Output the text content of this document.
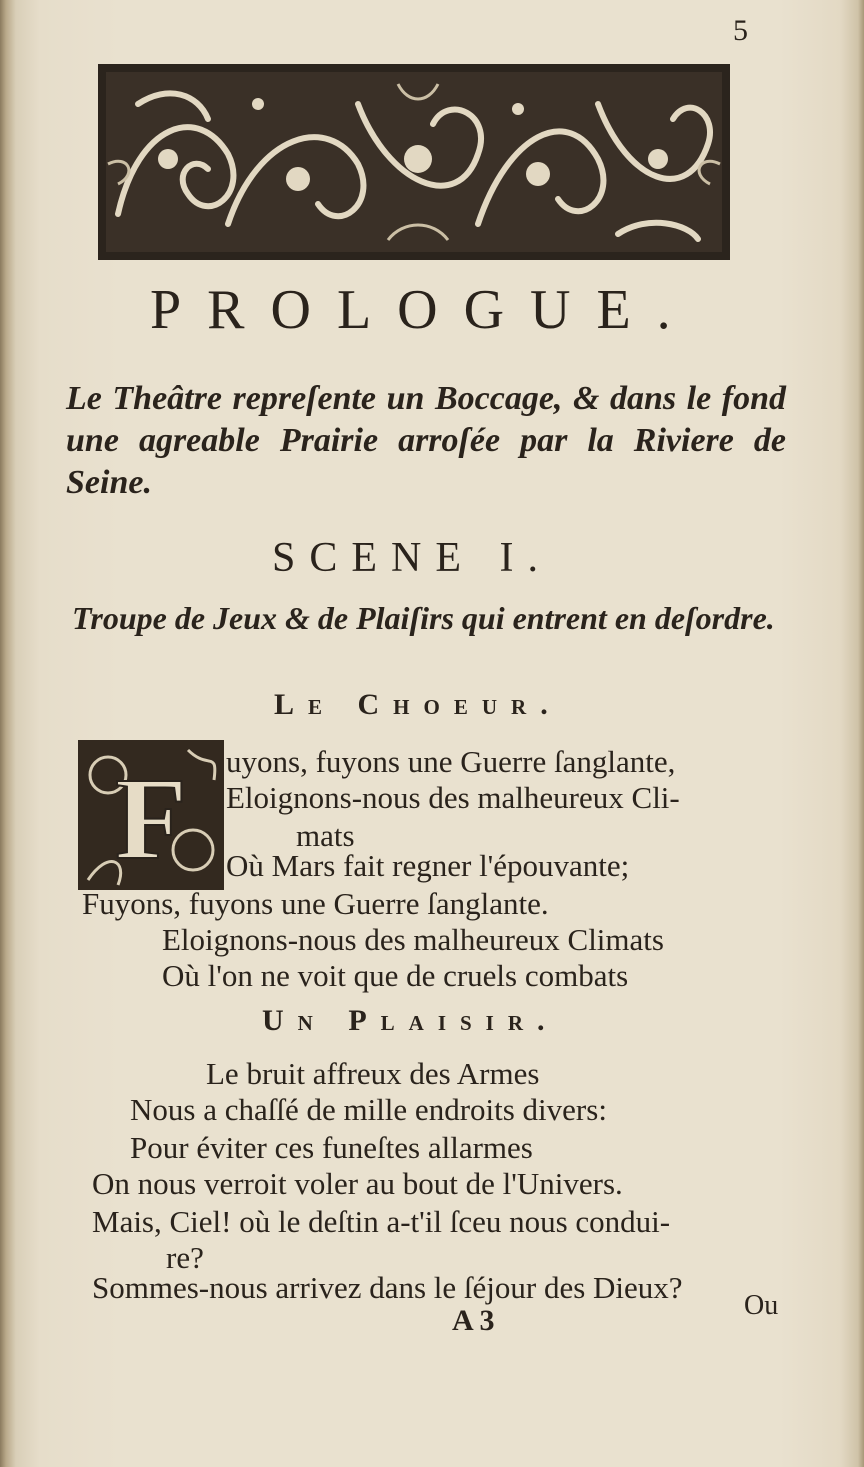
5
PROLOGUE.
Le Theâtre repreſente un Boccage, & dans le fond une agreable Prairie arroſée par la Riviere de Seine.
SCENE I.
Troupe de Jeux & de Plaiſirs qui entrent en deſordre.
Le Choeur.
F uyons, fuyons une Guerre ſanglante,
Eloignons-nous des malheureux Cli-
mats
Où Mars fait regner l'épouvante;
Fuyons, fuyons une Guerre ſanglante.
Eloignons-nous des malheureux Climats
Où l'on ne voit que de cruels combats
Un Plaisir.
Le bruit affreux des Armes
Nous a chaſſé de mille endroits divers:
Pour éviter ces funeſtes allarmes
On nous verroit voler au bout de l'Univers.
Mais, Ciel! où le deſtin a-t'il ſceu nous condui-
re?
Sommes-nous arrivez dans le ſéjour des Dieux?
Ou
A 3
